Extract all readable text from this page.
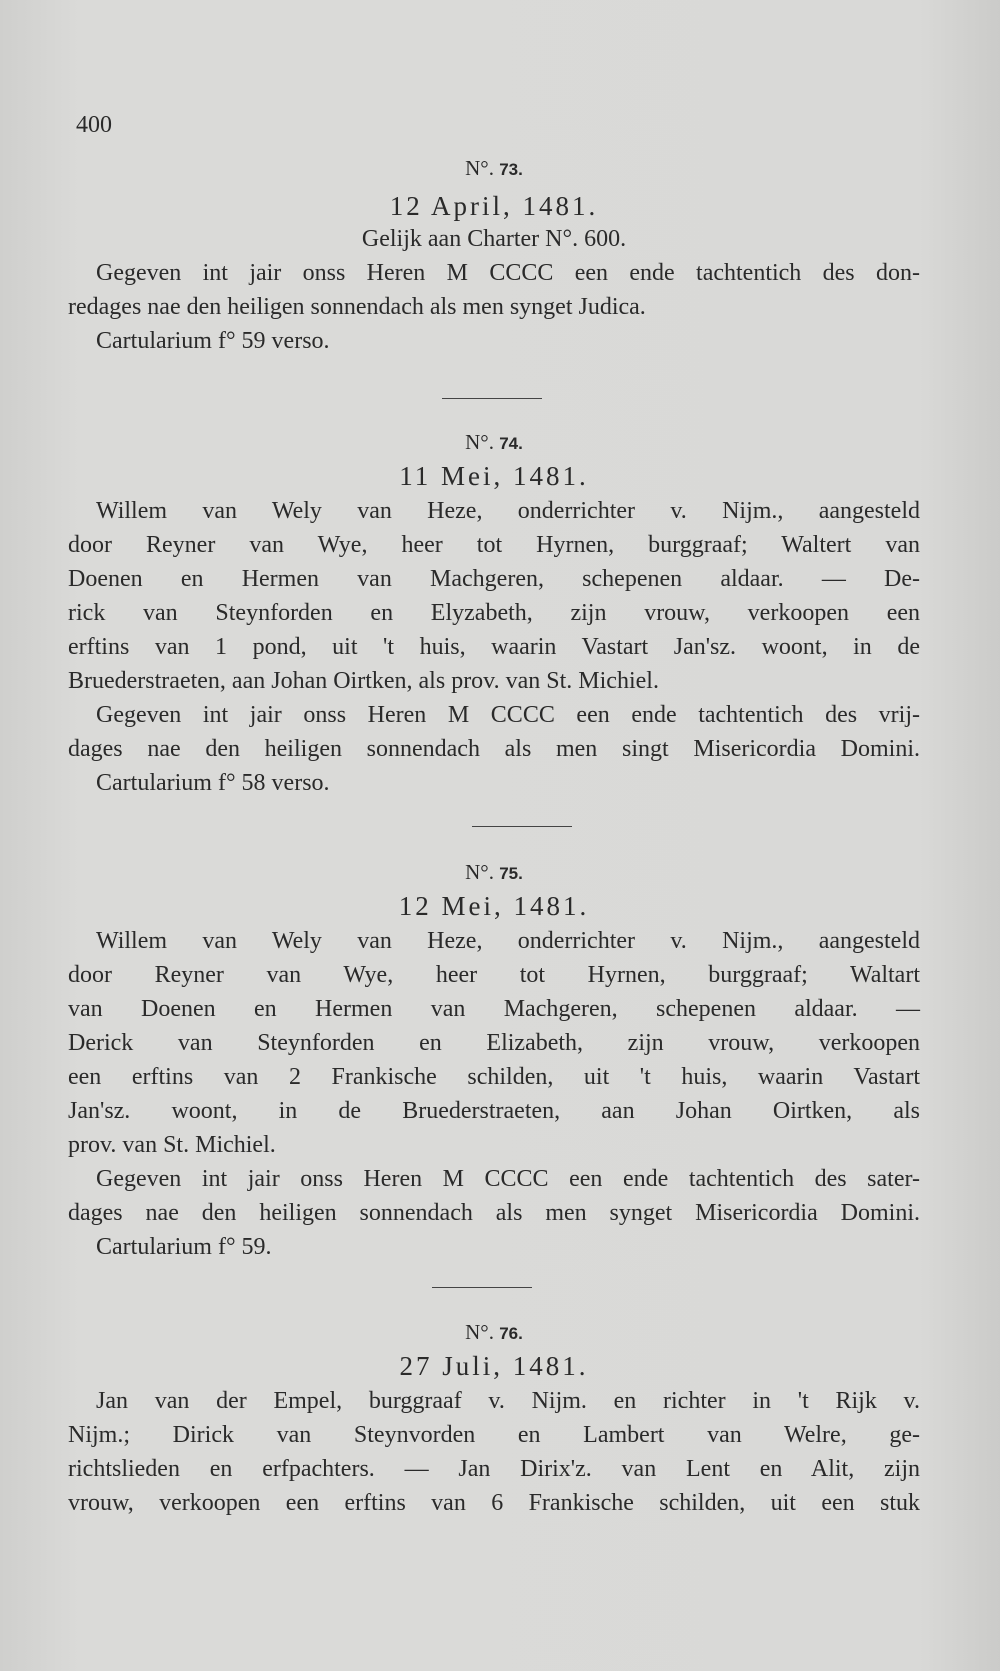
400
N°. 73.
12 April, 1481.
Gelijk aan Charter N°. 600.
Gegeven int jair onss Heren M CCCC een ende tachtentich des don-
redages nae den heiligen sonnendach als men synget Judica.
Cartularium f° 59 verso.
N°. 74.
11 Mei, 1481.
Willem van Wely van Heze, onderrichter v. Nijm., aangesteld
door Reyner van Wye, heer tot Hyrnen, burggraaf; Waltert van
Doenen en Hermen van Machgeren, schepenen aldaar. — De-
rick van Steynforden en Elyzabeth, zijn vrouw, verkoopen een
erftins van 1 pond, uit 't huis, waarin Vastart Jan'sz. woont, in de
Bruederstraeten, aan Johan Oirtken, als prov. van St. Michiel.
Gegeven int jair onss Heren M CCCC een ende tachtentich des vrij-
dages nae den heiligen sonnendach als men singt Misericordia Domini.
Cartularium f° 58 verso.
N°. 75.
12 Mei, 1481.
Willem van Wely van Heze, onderrichter v. Nijm., aangesteld
door Reyner van Wye, heer tot Hyrnen, burggraaf; Waltart
van Doenen en Hermen van Machgeren, schepenen aldaar. —
Derick van Steynforden en Elizabeth, zijn vrouw, verkoopen
een erftins van 2 Frankische schilden, uit 't huis, waarin Vastart
Jan'sz. woont, in de Bruederstraeten, aan Johan Oirtken, als
prov. van St. Michiel.
Gegeven int jair onss Heren M CCCC een ende tachtentich des sater-
dages nae den heiligen sonnendach als men synget Misericordia Domini.
Cartularium f° 59.
N°. 76.
27 Juli, 1481.
Jan van der Empel, burggraaf v. Nijm. en richter in 't Rijk v.
Nijm.; Dirick van Steynvorden en Lambert van Welre, ge-
richtslieden en erfpachters. — Jan Dirix'z. van Lent en Alit, zijn
vrouw, verkoopen een erftins van 6 Frankische schilden, uit een stuk
